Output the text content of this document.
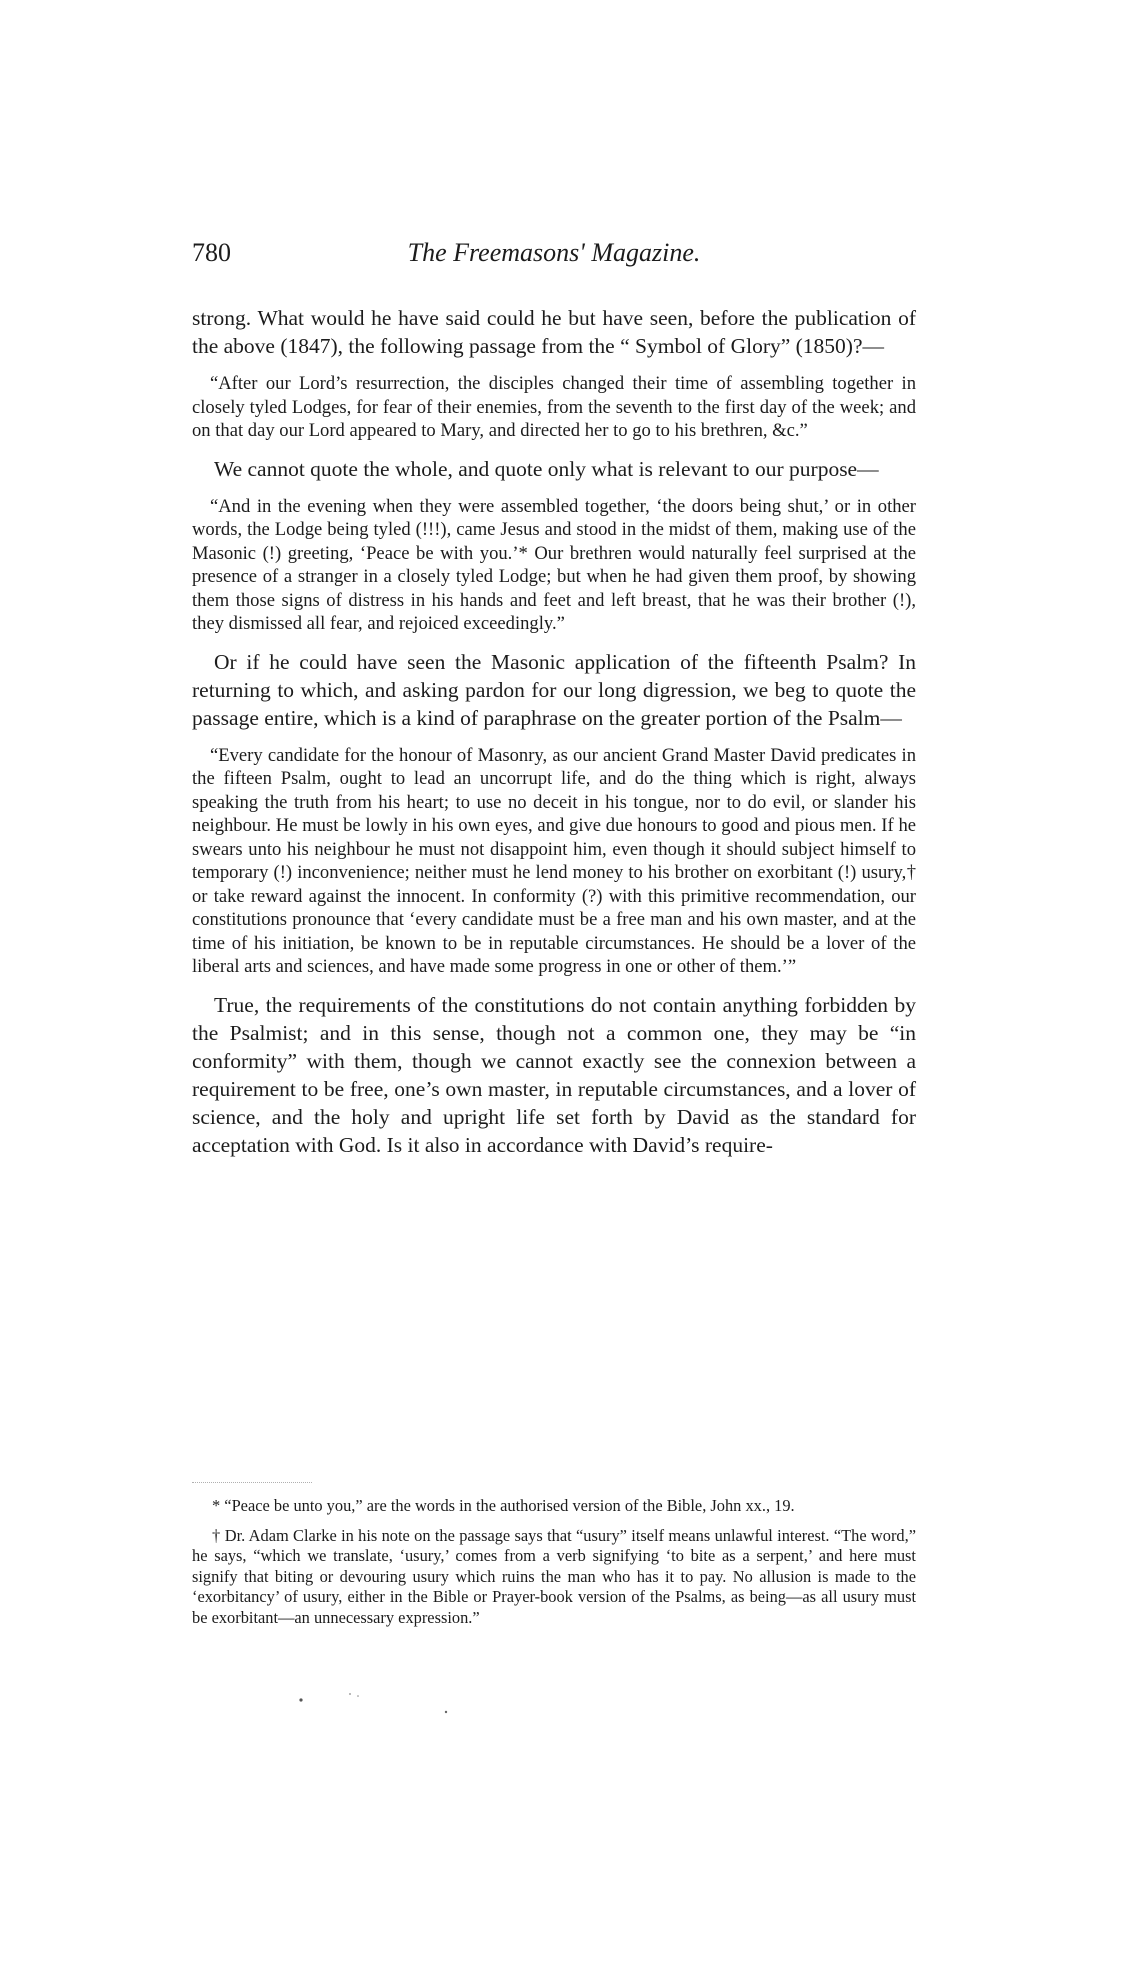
780	The Freemasons' Magazine.

strong. What would he have said could he but have seen, before the publication of the above (1847), the following passage from the “ Symbol of Glory” (1850)?—

“After our Lord’s resurrection, the disciples changed their time of assembling together in closely tyled Lodges, for fear of their enemies, from the seventh to the first day of the week; and on that day our Lord appeared to Mary, and directed her to go to his brethren, &c.”

We cannot quote the whole, and quote only what is relevant to our purpose—

“And in the evening when they were assembled together, ‘the doors being shut,’ or in other words, the Lodge being tyled (!!!), came Jesus and stood in the midst of them, making use of the Masonic (!) greeting, ‘Peace be with you.’* Our brethren would naturally feel surprised at the presence of a stranger in a closely tyled Lodge; but when he had given them proof, by showing them those signs of distress in his hands and feet and left breast, that he was their brother (!), they dismissed all fear, and rejoiced exceedingly.”

Or if he could have seen the Masonic application of the fifteenth Psalm? In returning to which, and asking pardon for our long digression, we beg to quote the passage entire, which is a kind of paraphrase on the greater portion of the Psalm—

“Every candidate for the honour of Masonry, as our ancient Grand Master David predicates in the fifteen Psalm, ought to lead an uncorrupt life, and do the thing which is right, always speaking the truth from his heart; to use no deceit in his tongue, nor to do evil, or slander his neighbour. He must be lowly in his own eyes, and give due honours to good and pious men. If he swears unto his neighbour he must not disappoint him, even though it should subject himself to temporary (!) inconvenience; neither must he lend money to his brother on exorbitant (!) usury,† or take reward against the innocent. In conformity (?) with this primitive recommendation, our constitutions pronounce that ‘every candidate must be a free man and his own master, and at the time of his initiation, be known to be in reputable circumstances. He should be a lover of the liberal arts and sciences, and have made some progress in one or other of them.’”

True, the requirements of the constitutions do not contain anything forbidden by the Psalmist; and in this sense, though not a common one, they may be “in conformity” with them, though we cannot exactly see the connexion between a requirement to be free, one’s own master, in reputable circumstances, and a lover of science, and the holy and upright life set forth by David as the standard for acceptation with God. Is it also in accordance with David’s require-

* “Peace be unto you,” are the words in the authorised version of the Bible, John xx., 19.

† Dr. Adam Clarke in his note on the passage says that “usury” itself means unlawful interest. “The word,” he says, “which we translate, ‘usury,’ comes from a verb signifying ‘to bite as a serpent,’ and here must signify that biting or devouring usury which ruins the man who has it to pay. No allusion is made to the ‘exorbitancy’ of usury, either in the Bible or Prayer-book version of the Psalms, as being—as all usury must be exorbitant—an unnecessary expression.”
